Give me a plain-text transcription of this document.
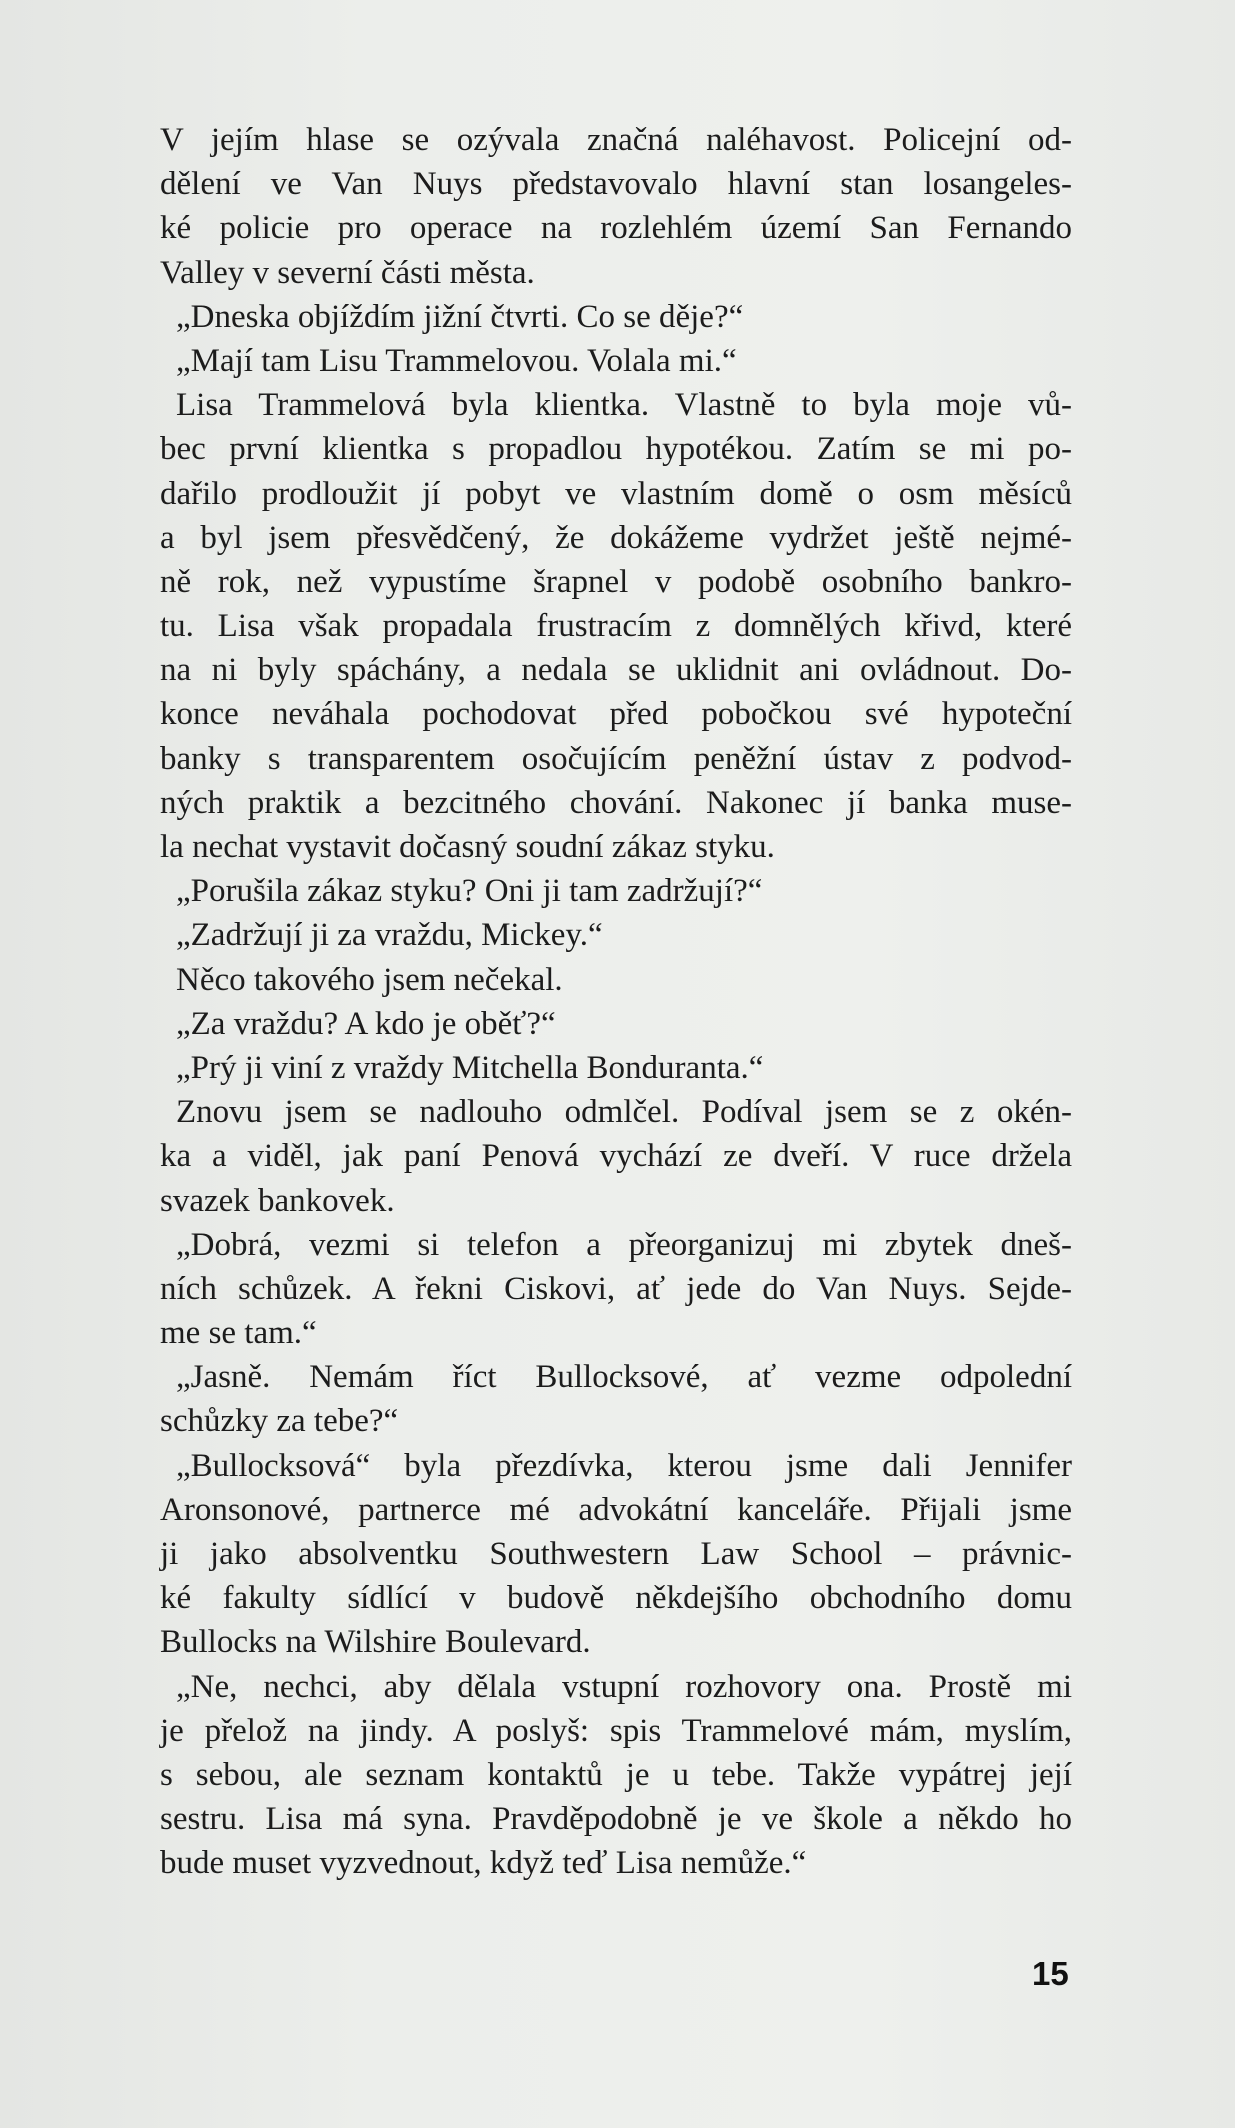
V jejím hlase se ozývala značná naléhavost. Policejní od-
dělení ve Van Nuys představovalo hlavní stan losangeles-
ké policie pro operace na rozlehlém území San Fernando
Valley v severní části města.
„Dneska objíždím jižní čtvrti. Co se děje?“
„Mají tam Lisu Trammelovou. Volala mi.“
Lisa Trammelová byla klientka. Vlastně to byla moje vů-
bec první klientka s propadlou hypotékou. Zatím se mi po-
dařilo prodloužit jí pobyt ve vlastním domě o osm měsíců
a byl jsem přesvědčený, že dokážeme vydržet ještě nejmé-
ně rok, než vypustíme šrapnel v podobě osobního bankro-
tu. Lisa však propadala frustracím z domnělých křivd, které
na ni byly spáchány, a nedala se uklidnit ani ovládnout. Do-
konce neváhala pochodovat před pobočkou své hypoteční
banky s transparentem osočujícím peněžní ústav z podvod-
ných praktik a bezcitného chování. Nakonec jí banka muse-
la nechat vystavit dočasný soudní zákaz styku.
„Porušila zákaz styku? Oni ji tam zadržují?“
„Zadržují ji za vraždu, Mickey.“
Něco takového jsem nečekal.
„Za vraždu? A kdo je oběť?“
„Prý ji viní z vraždy Mitchella Bonduranta.“
Znovu jsem se nadlouho odmlčel. Podíval jsem se z okén-
ka a viděl, jak paní Penová vychází ze dveří. V ruce držela
svazek bankovek.
„Dobrá, vezmi si telefon a přeorganizuj mi zbytek dneš-
ních schůzek. A řekni Ciskovi, ať jede do Van Nuys. Sejde-
me se tam.“
„Jasně. Nemám říct Bullocksové, ať vezme odpolední
schůzky za tebe?“
„Bullocksová“ byla přezdívka, kterou jsme dali Jennifer
Aronsonové, partnerce mé advokátní kanceláře. Přijali jsme
ji jako absolventku Southwestern Law School – právnic-
ké fakulty sídlící v budově někdejšího obchodního domu
Bullocks na Wilshire Boulevard.
„Ne, nechci, aby dělala vstupní rozhovory ona. Prostě mi
je přelož na jindy. A poslyš: spis Trammelové mám, myslím,
s sebou, ale seznam kontaktů je u tebe. Takže vypátrej její
sestru. Lisa má syna. Pravděpodobně je ve škole a někdo ho
bude muset vyzvednout, když teď Lisa nemůže.“
15
